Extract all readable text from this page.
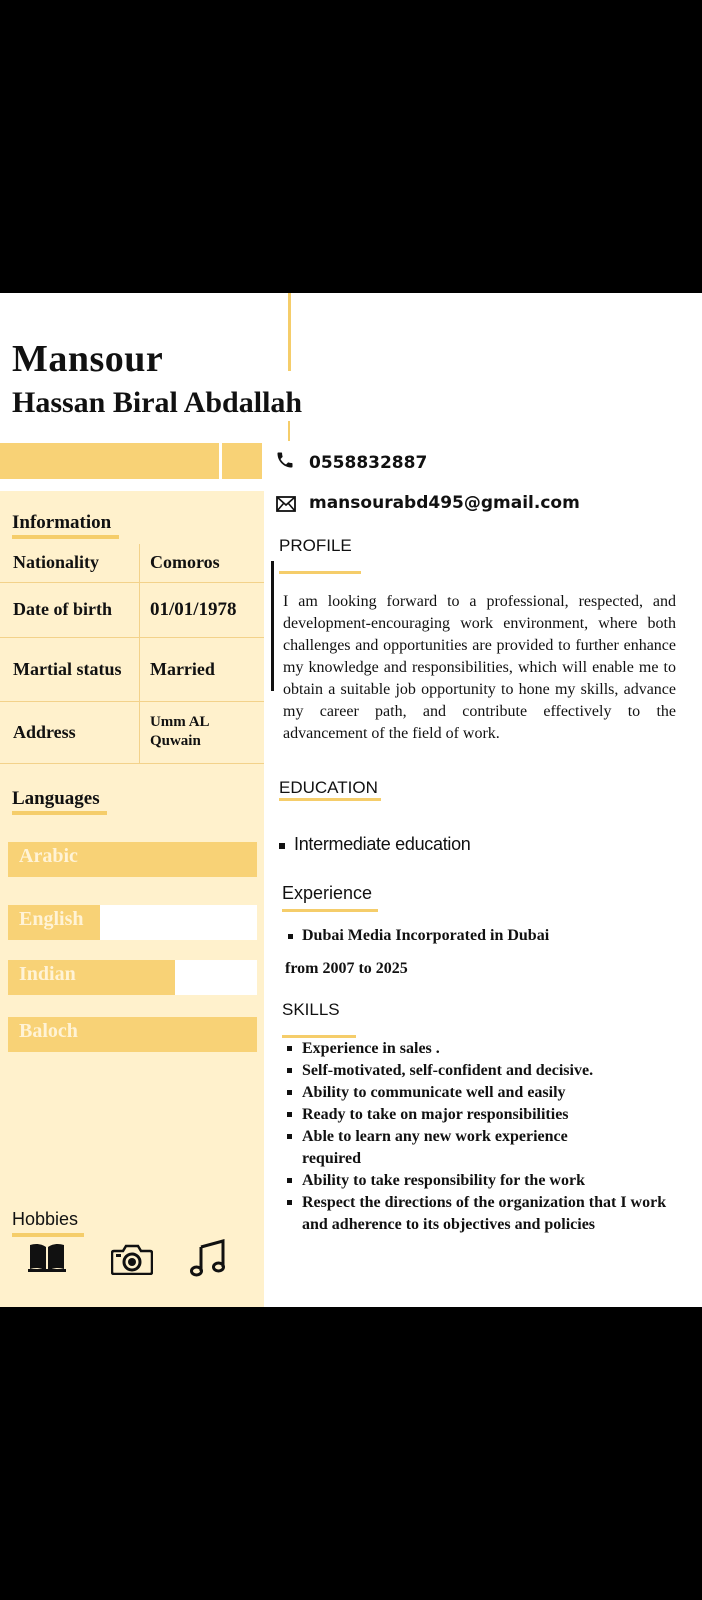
Mansour
Hassan Biral Abdallah
0558832887
mansourabd495@gmail.com
Information
Nationality	Comoros
Date of birth	01/01/1978
Martial status	Married
Address	Umm AL Quwain
Languages
Arabic
English
Indian
Baloch
Hobbies
PROFILE
I am looking forward to a professional, respected, and development-encouraging work environment, where both challenges and opportunities are provided to further enhance my knowledge and responsibilities, which will enable me to obtain a suitable job opportunity to hone my skills, advance my career path, and contribute effectively to the advancement of the field of work.
EDUCATION
Intermediate education
Experience
Dubai Media Incorporated in Dubai
from 2007 to 2025
SKILLS
Experience in sales .
Self-motivated, self-confident and decisive.
Ability to communicate well and easily
Ready to take on major responsibilities
Able to learn any new work experience required
Ability to take responsibility for the work
Respect the directions of the organization that I work and adherence to its objectives and policies
